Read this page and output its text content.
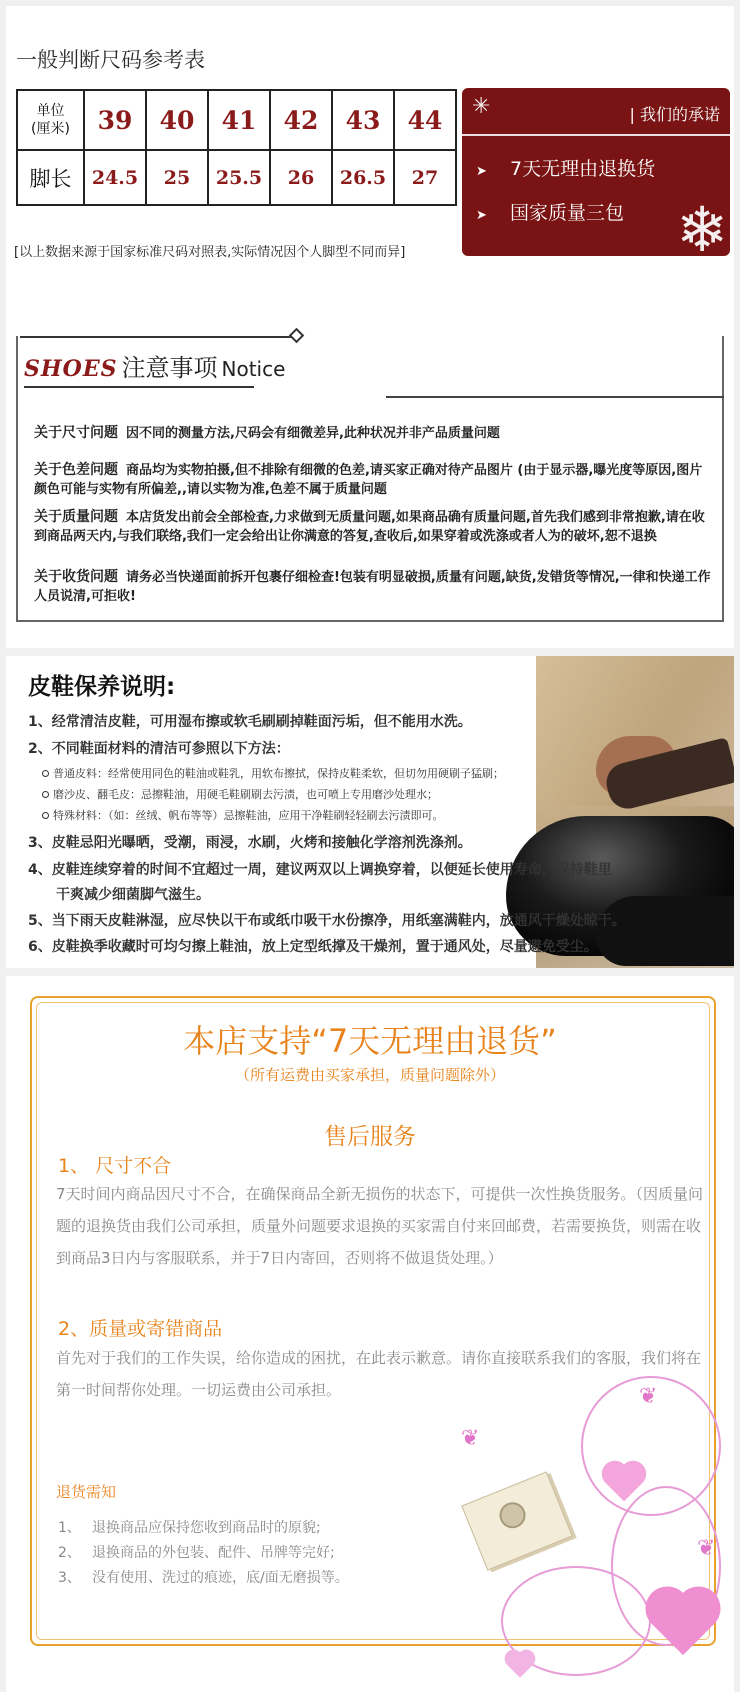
一般判断尺码参考表
单位
(厘米)	39	40	41	42	43	44
脚长	24.5	25	25.5	26	26.5	27
✳	| 我们的承诺
➤ 7天无理由退换货
➤ 国家质量三包 ❄
[以上数据来源于国家标准尺码对照表,实际情况因个人脚型不同而异]
SHOES 注意事项 Notice
关于尺寸问题 因不同的测量方法,尺码会有细微差异,此种状况并非产品质量问题
关于色差问题 商品均为实物拍摄,但不排除有细微的色差,请买家正确对待产品图片 (由于显示器,曝光度等原因,图片颜色可能与实物有所偏差,,请以实物为准,色差不属于质量问题
关于质量问题 本店货发出前会全部检查,力求做到无质量问题,如果商品确有质量问题,首先我们感到非常抱歉,请在收到商品两天内,与我们联络,我们一定会给出让你满意的答复,查收后,如果穿着或洗涤或者人为的破坏,恕不退换
关于收货问题 请务必当快递面前拆开包裹仔细检查!包装有明显破损,质量有问题,缺货,发错货等情况,一律和快递工作人员说清,可拒收!
皮鞋保养说明:
1、经常清洁皮鞋，可用湿布擦或软毛刷刷掉鞋面污垢，但不能用水洗。
2、不同鞋面材料的清洁可参照以下方法：
普通皮料：经常使用同色的鞋油或鞋乳，用软布擦拭，保持皮鞋柔软，但切勿用硬刷子猛刷；
磨沙皮、翻毛皮：忌擦鞋油，用硬毛鞋刷刷去污渍，也可喷上专用磨沙处理水；
特殊材料：（如：丝绒、帆布等等）忌擦鞋油，应用干净鞋刷轻轻刷去污渍即可。
3、皮鞋忌阳光曝晒，受潮，雨浸，水刷，火烤和接触化学溶剂洗涤剂。
4、皮鞋连续穿着的时间不宜超过一周，建议两双以上调换穿着，以便延长使用寿命，保持鞋里
干爽减少细菌脚气滋生。
5、当下雨天皮鞋淋湿，应尽快以干布或纸巾吸干水份擦净，用纸塞满鞋内，放通风干燥处晾干。
6、皮鞋换季收藏时可均匀擦上鞋油，放上定型纸撑及干燥剂，置于通风处，尽量避免受尘。
❦
❦
❦
本店支持“7天无理由退货”
（所有运费由买家承担，质量问题除外）
售后服务
1、 尺寸不合
7天时间内商品因尺寸不合，在确保商品全新无损伤的状态下，可提供一次性换货服务。（因质量问题的退换货由我们公司承担，质量外问题要求退换的买家需自付来回邮费，若需要换货，则需在收到商品3日内与客服联系，并于7日内寄回，否则将不做退货处理。）
2、质量或寄错商品
首先对于我们的工作失误，给你造成的困扰，在此表示歉意。请你直接联系我们的客服，我们将在第一时间帮你处理。一切运费由公司承担。
退货需知
1、 退换商品应保持您收到商品时的原貌;
2、 退换商品的外包装、配件、吊牌等完好;
3、 没有使用、洗过的痕迹，底/面无磨损等。
